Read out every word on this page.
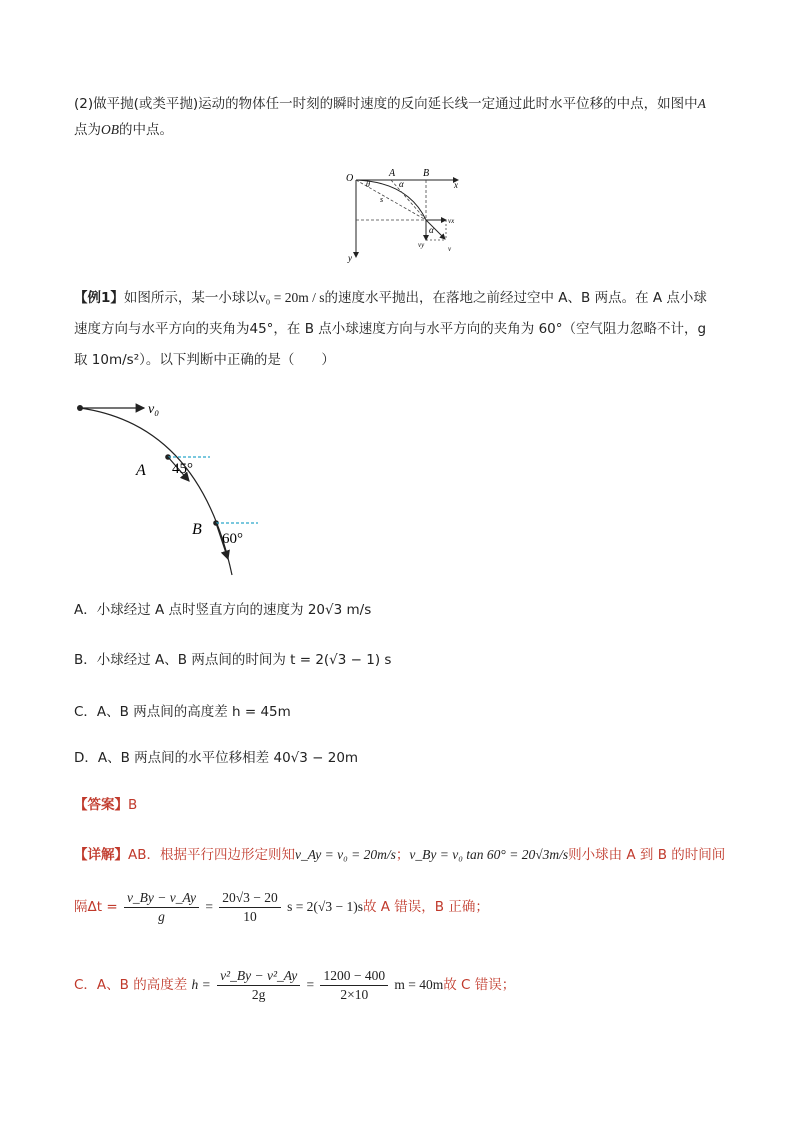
(2)做平抛(或类平抛)运动的物体任一时刻的瞬时速度的反向延长线一定通过此时水平位移的中点，如图中A
点为OB的中点。
O	A	B
x
y
θ	α
s
α
vx
vy	v
【例1】如图所示，某一小球以v₀ = 20m / s的速度水平抛出，在落地之前经过空中 A、B 两点。在 A 点小球
速度方向与水平方向的夹角为45°，在 B 点小球速度方向与水平方向的夹角为 60°（空气阻力忽略不计，g
取 10m/s²）。以下判断中正确的是（　　）
v₀
A 45°
B
60°
A．小球经过 A 点时竖直方向的速度为 20√3 m/s
B．小球经过 A、B 两点间的时间为 t = 2(√3 − 1) s
C．A、B 两点间的高度差 h = 45m
D．A、B 两点间的水平位移相差 40√3 − 20m
【答案】B
【详解】AB．根据平行四边形定则知v_Ay = v₀ = 20m/s；v_By = v₀ tan 60° = 20√3m/s则小球由 A 到 B 的时间间
隔$\Delta t = \frac{v\_By - v\_Ay}{g} = \frac{20√3 - 20}{10}$ s = 2(√3 − 1)s故 A 错误，B 正确；
C．A、B 的高度差 $h = \frac{\text{v²\_By − v²\_Ay}}{2g} = \frac{1200 - 400}{2\times 10}$ m = 40m故 C 错误；
